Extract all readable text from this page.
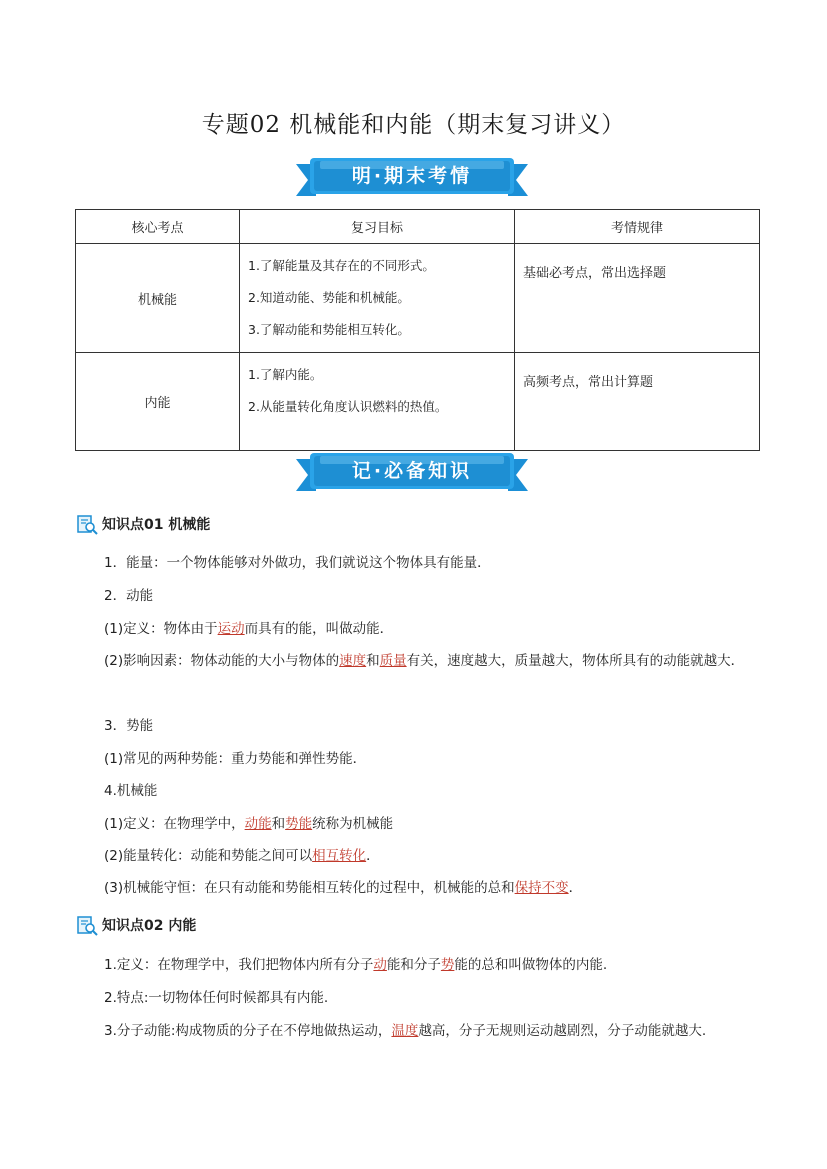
专题02 机械能和内能（期末复习讲义）
明·期末考情
核心考点	复习目标	考情规律
机械能	1.了解能量及其存在的不同形式。
2.知道动能、势能和机械能。
3.了解动能和势能相互转化。	基础必考点，常出选择题
内能	1.了解内能。
2.从能量转化角度认识燃料的热值。	高频考点，常出计算题
记·必备知识
知识点01 机械能
1．能量：一个物体能够对外做功，我们就说这个物体具有能量．
2．动能
(1)定义：物体由于运动而具有的能，叫做动能．
(2)影响因素：物体动能的大小与物体的速度和质量有关，速度越大，质量越大，物体所具有的动能就越大．
3．势能
(1)常见的两种势能：重力势能和弹性势能．
4.机械能
(1)定义：在物理学中，动能和势能统称为机械能
(2)能量转化：动能和势能之间可以相互转化．
(3)机械能守恒：在只有动能和势能相互转化的过程中，机械能的总和保持不变．
知识点02 内能
1.定义：在物理学中，我们把物体内所有分子动能和分子势能的总和叫做物体的内能.
2.特点:一切物体任何时候都具有内能.
3.分子动能:构成物质的分子在不停地做热运动，温度越高，分子无规则运动越剧烈，分子动能就越大.
